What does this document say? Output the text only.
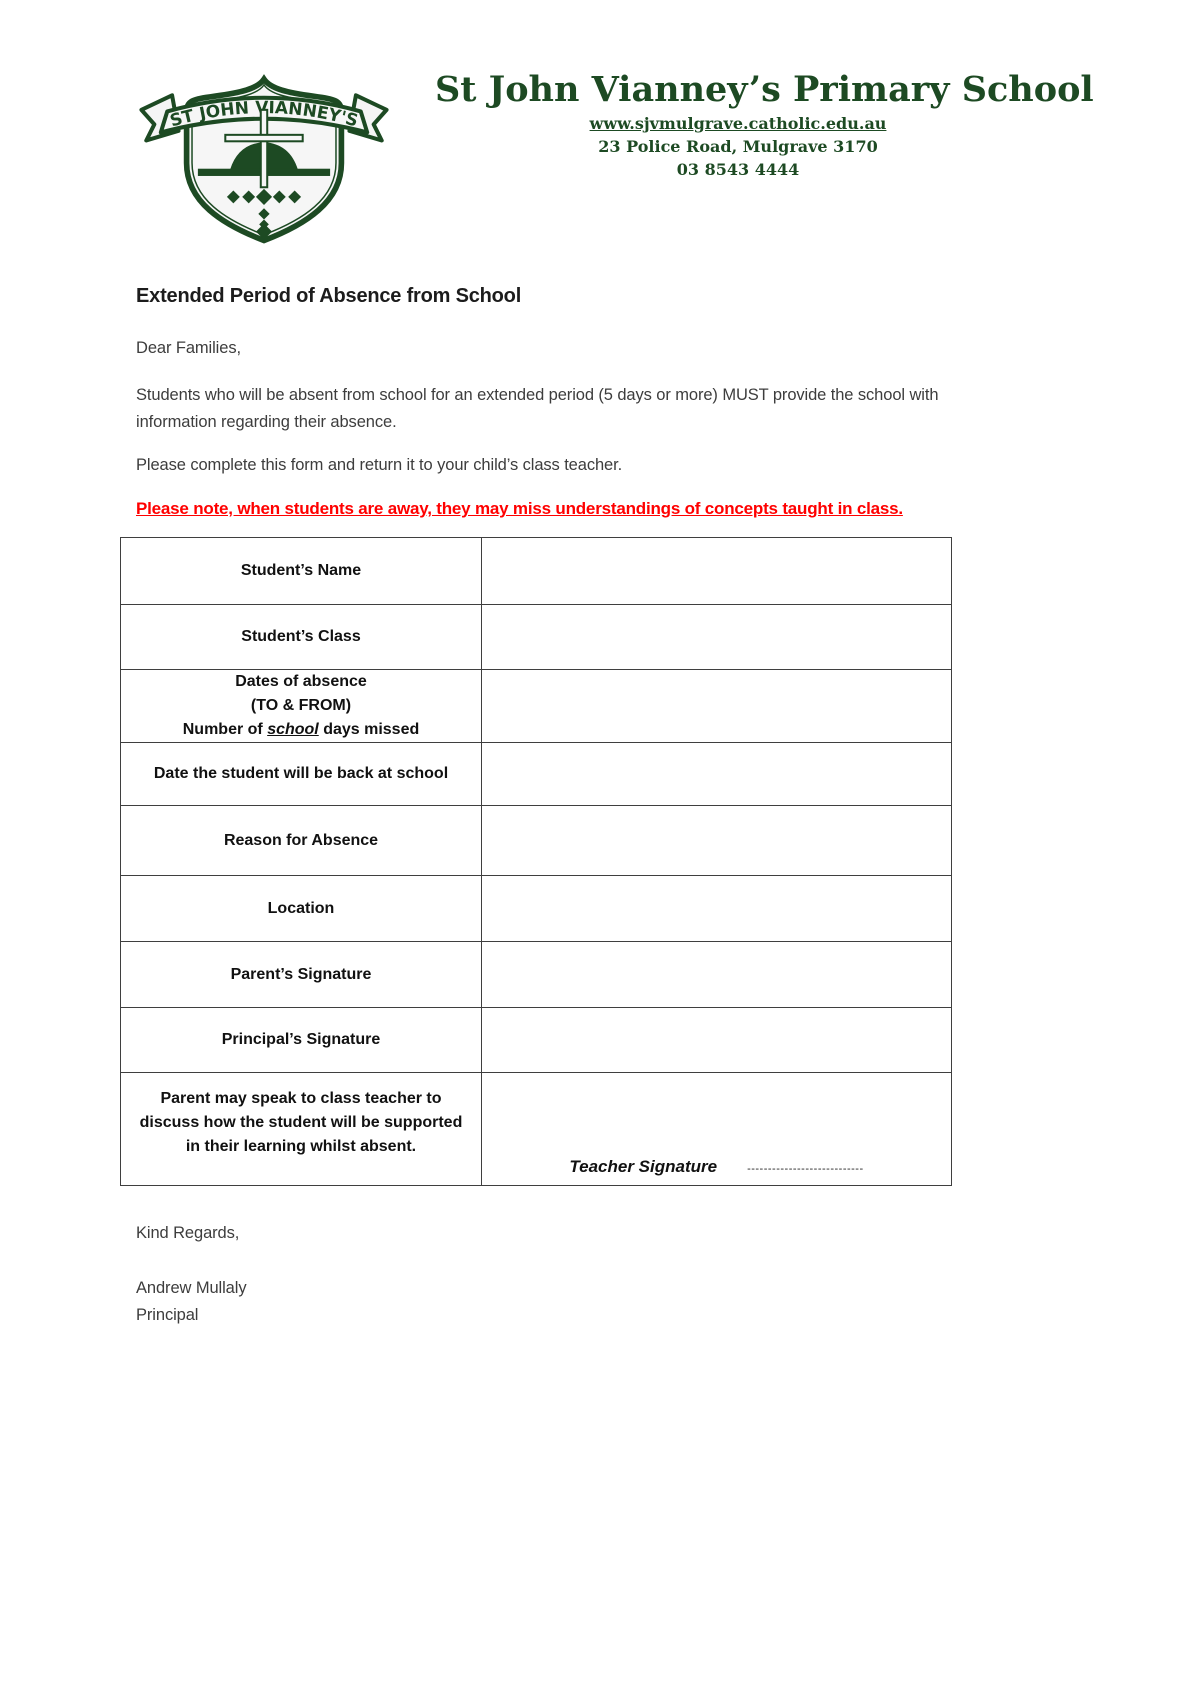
ST JOHN VIANNEY'S
St John Vianney’s Primary School
www.sjvmulgrave.catholic.edu.au
23 Police Road, Mulgrave 3170
03 8543 4444
Extended Period of Absence from School

Dear Families,

Students who will be absent from school for an extended period (5 days or more) MUST provide the school with information regarding their absence.

Please complete this form and return it to your child’s class teacher.

Please note, when students are away, they may miss understandings of concepts taught in class.

Student’s Name	
Student’s Class	
Dates of absence
(TO & FROM)
Number of school days missed	
Date the student will be back at school	
Reason for Absence	
Location	
Parent’s Signature	
Principal’s Signature	
Parent may speak to class teacher to discuss how the student will be supported in their learning whilst absent.	Teacher Signature ----------------------------

Kind Regards,

Andrew Mullaly

Principal
